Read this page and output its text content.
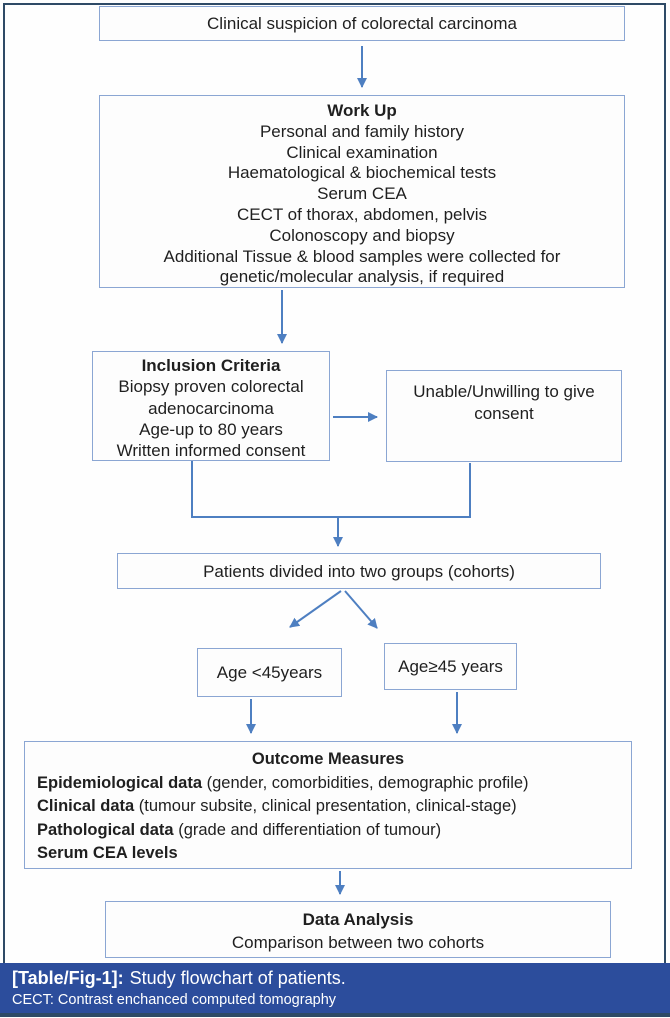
Clinical suspicion of colorectal carcinoma
Work Up
Personal and family history
Clinical examination
Haematological & biochemical tests
Serum CEA
CECT of thorax, abdomen, pelvis
Colonoscopy and biopsy
Additional Tissue & blood samples were collected for
genetic/molecular analysis, if required
Inclusion Criteria
Biopsy proven colorectal
adenocarcinoma
Age-up to 80 years
Written informed consent
Unable/Unwilling to give
consent
Patients divided into two groups (cohorts)
Age <45years	Age≥45 years
Outcome Measures
Epidemiological data (gender, comorbidities, demographic profile)
Clinical data (tumour subsite, clinical presentation, clinical-stage)
Pathological data (grade and differentiation of tumour)
Serum CEA levels
Data Analysis
Comparison between two cohorts
[Table/Fig-1]: Study flowchart of patients.
CECT: Contrast enchanced computed tomography
